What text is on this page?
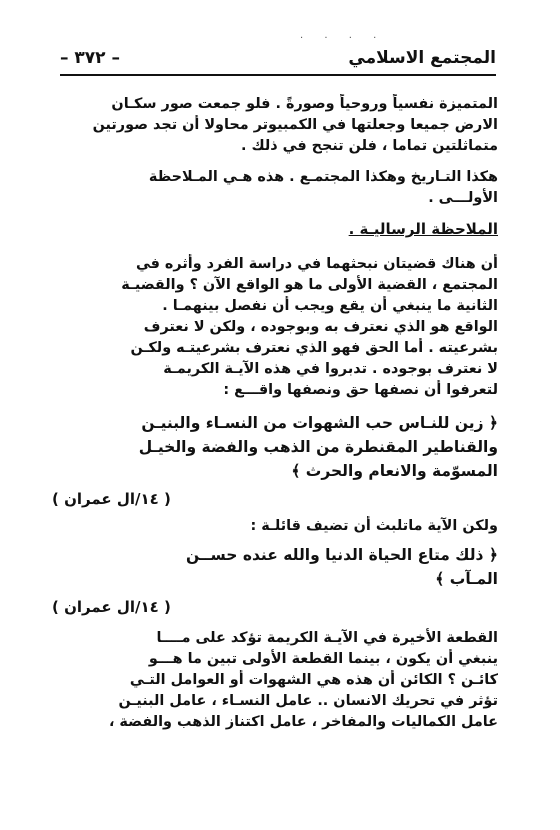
. . . .
المجتمع الاسلامي
– ٣٧٢ –
المتميزة نفسياً وروحياً وصورةً . فلو جمعت صور سكـان
الارض جميعا وجعلتها في الكمبيوتر محاولا أن تجد صورتين
متماثلتين تماما ، فلن تنجح في ذلك .
هكذا التـاريخ وهكذا المجتمـع . هذه هـي المـلاحظة
الأولـــى .
الملاحظة الرساليـة .
أن هناك قضيتان نبحثهما في دراسة الفرد وأثره في
المجتمع ، القضية الأولى ما هو الواقع الآن ؟ والقضيـة
الثانية ما ينبغي أن يقع ويجب أن نفصل بينهمـا .
الواقع هو الذي نعترف به وبوجوده ، ولكن لا نعترف
بشرعيته . أما الحق فهو الذي نعترف بشرعيتـه ولكـن
لا نعترف بوجوده . تدبروا في هذه الآيـة الكريمـة
لتعرفوا أن نصفها حق ونصفها واقـــع :
﴿ زين للنـاس حب الشهوات من النسـاء والبنيـن
والقناطير المقنطرة من الذهب والفضة والخيـل
المسوّمة والانعام والحرث ﴾
( ١٤/ال عمران )
ولكن الآية ماتلبث أن تضيف قائلـة :
﴿ ذلك متاع الحياة الدنيا والله عنده حســن
المـآب ﴾
( ١٤/ال عمران )
القطعة الأخيرة في الآيـة الكريمة تؤكد على مــــا
ينبغي أن يكون ، بينما القطعة الأولى تبين ما هـــو
كائـن ؟ الكائن أن هذه هي الشهوات أو العوامل التـي
تؤثر في تحريك الانسان .. عامل النسـاء ، عامل البنيـن
عامل الكماليات والمفاخر ، عامل اكتناز الذهب والفضة ،
